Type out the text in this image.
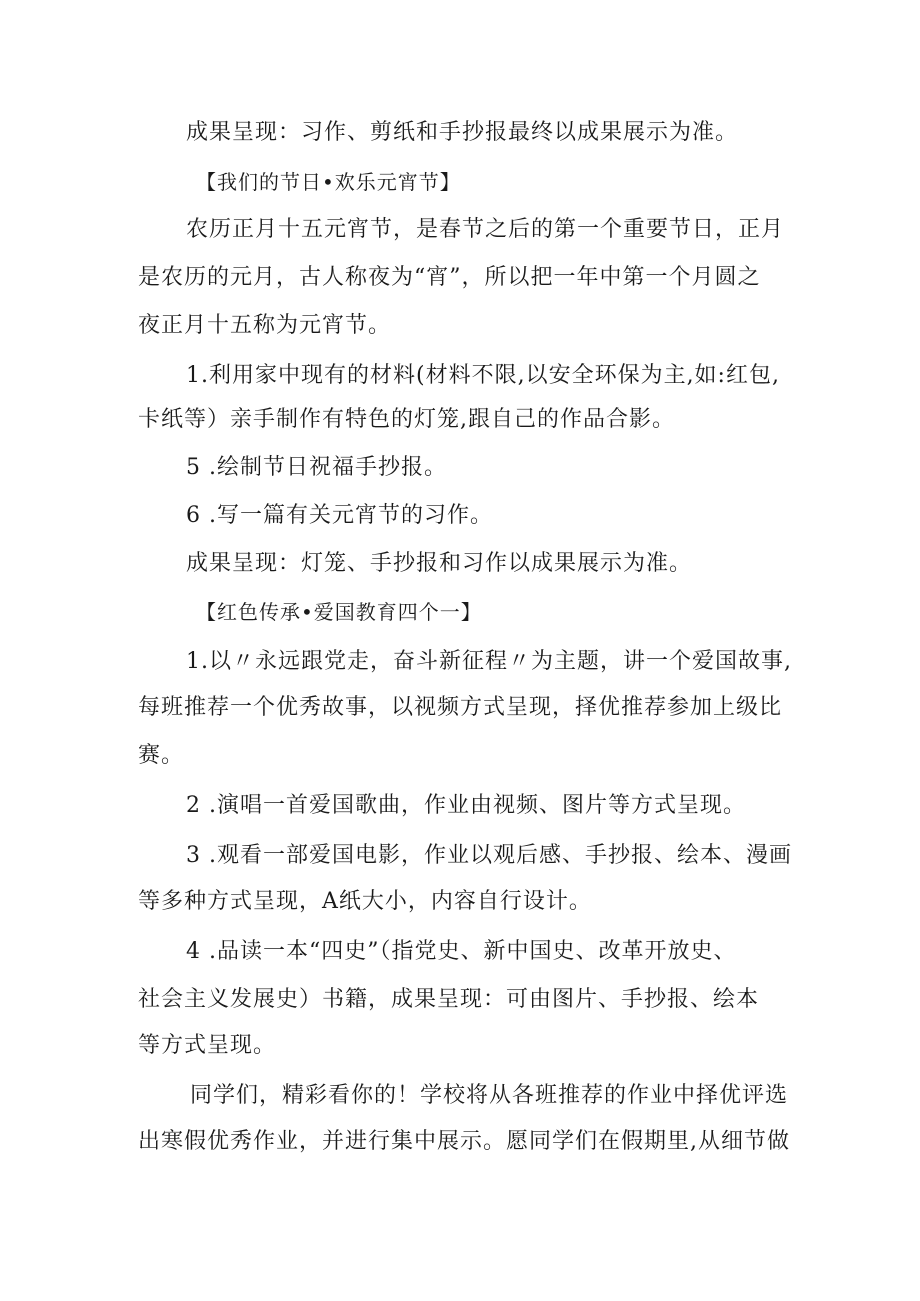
成果呈现：习作、剪纸和手抄报最终以成果展示为准。
【我们的节日•欢乐元宵节】
农历正月十五元宵节，是春节之后的第一个重要节日，正月
是农历的元月，古人称夜为“宵”，所以把一年中第一个月圆之
夜正月十五称为元宵节。
1.利用家中现有的材料(材料不限,以安全环保为主,如:红包,
卡纸等）亲手制作有特色的灯笼,跟自己的作品合影。
5 .绘制节日祝福手抄报。
6 .写一篇有关元宵节的习作。
成果呈现：灯笼、手抄报和习作以成果展示为准。
【红色传承•爱国教育四个一】
1.以〃永远跟党走，奋斗新征程〃为主题，讲一个爱国故事,
每班推荐一个优秀故事，以视频方式呈现，择优推荐参加上级比
赛。
2 .演唱一首爱国歌曲，作业由视频、图片等方式呈现。
3 .观看一部爱国电影，作业以观后感、手抄报、绘本、漫画
等多种方式呈现，A纸大小，内容自行设计。
4 .品读一本“四史”（指党史、新中国史、改革开放史、
社会主义发展史）书籍，成果呈现：可由图片、手抄报、绘本
等方式呈现。
同学们，精彩看你的！学校将从各班推荐的作业中择优评选
出寒假优秀作业，并进行集中展示。愿同学们在假期里,从细节做
